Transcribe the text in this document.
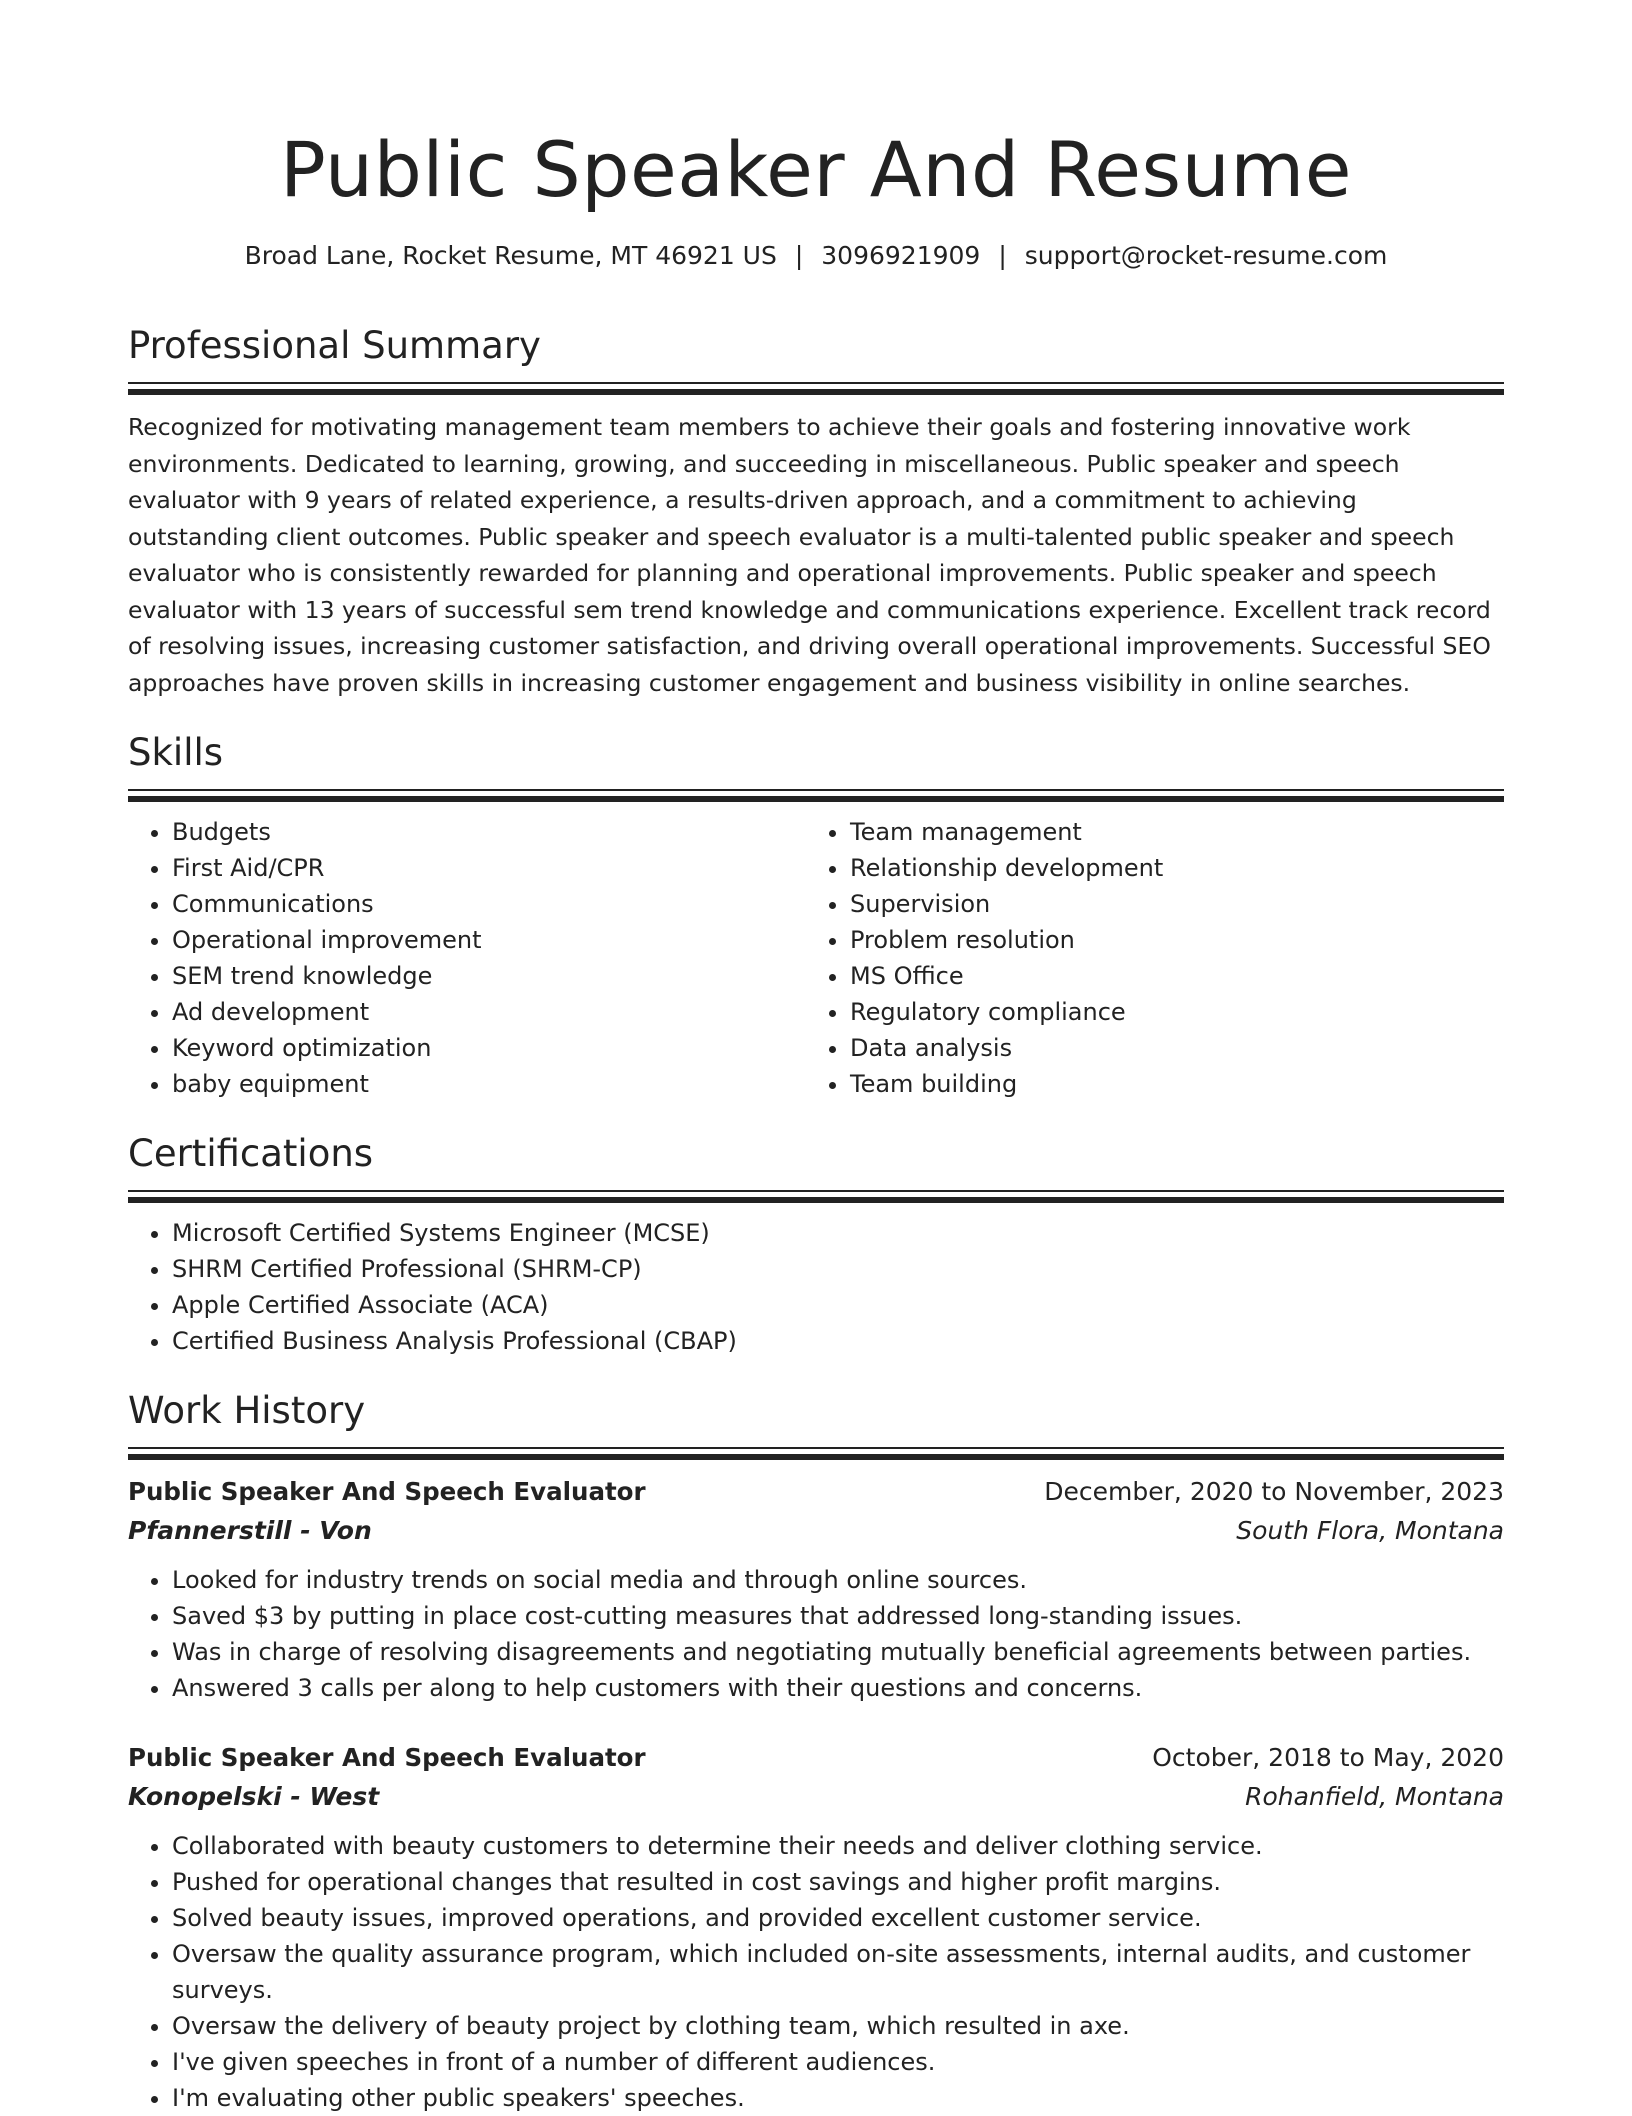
Public Speaker And Resume
Broad Lane, Rocket Resume, MT 46921 US | 3096921909 | support@rocket-resume.com
Professional Summary
Recognized for motivating management team members to achieve their goals and fostering innovative work environments. Dedicated to learning, growing, and succeeding in miscellaneous. Public speaker and speech evaluator with 9 years of related experience, a results-driven approach, and a commitment to achieving outstanding client outcomes. Public speaker and speech evaluator is a multi-talented public speaker and speech evaluator who is consistently rewarded for planning and operational improvements. Public speaker and speech evaluator with 13 years of successful sem trend knowledge and communications experience. Excellent track record of resolving issues, increasing customer satisfaction, and driving overall operational improvements. Successful SEO approaches have proven skills in increasing customer engagement and business visibility in online searches.
Skills
• Budgets
• First Aid/CPR
• Communications
• Operational improvement
• SEM trend knowledge
• Ad development
• Keyword optimization
• baby equipment
• Team management
• Relationship development
• Supervision
• Problem resolution
• MS Office
• Regulatory compliance
• Data analysis
• Team building
Certifications
• Microsoft Certified Systems Engineer (MCSE)
• SHRM Certified Professional (SHRM-CP)
• Apple Certified Associate (ACA)
• Certified Business Analysis Professional (CBAP)
Work History
Public Speaker And Speech Evaluator	December, 2020 to November, 2023
Pfannerstill - Von	South Flora, Montana
• Looked for industry trends on social media and through online sources.
• Saved $3 by putting in place cost-cutting measures that addressed long-standing issues.
• Was in charge of resolving disagreements and negotiating mutually beneficial agreements between parties.
• Answered 3 calls per along to help customers with their questions and concerns.
Public Speaker And Speech Evaluator	October, 2018 to May, 2020
Konopelski - West	Rohanfield, Montana
• Collaborated with beauty customers to determine their needs and deliver clothing service.
• Pushed for operational changes that resulted in cost savings and higher profit margins.
• Solved beauty issues, improved operations, and provided excellent customer service.
• Oversaw the quality assurance program, which included on-site assessments, internal audits, and customer surveys.
• Oversaw the delivery of beauty project by clothing team, which resulted in axe.
• I've given speeches in front of a number of different audiences.
• I'm evaluating other public speakers' speeches.
